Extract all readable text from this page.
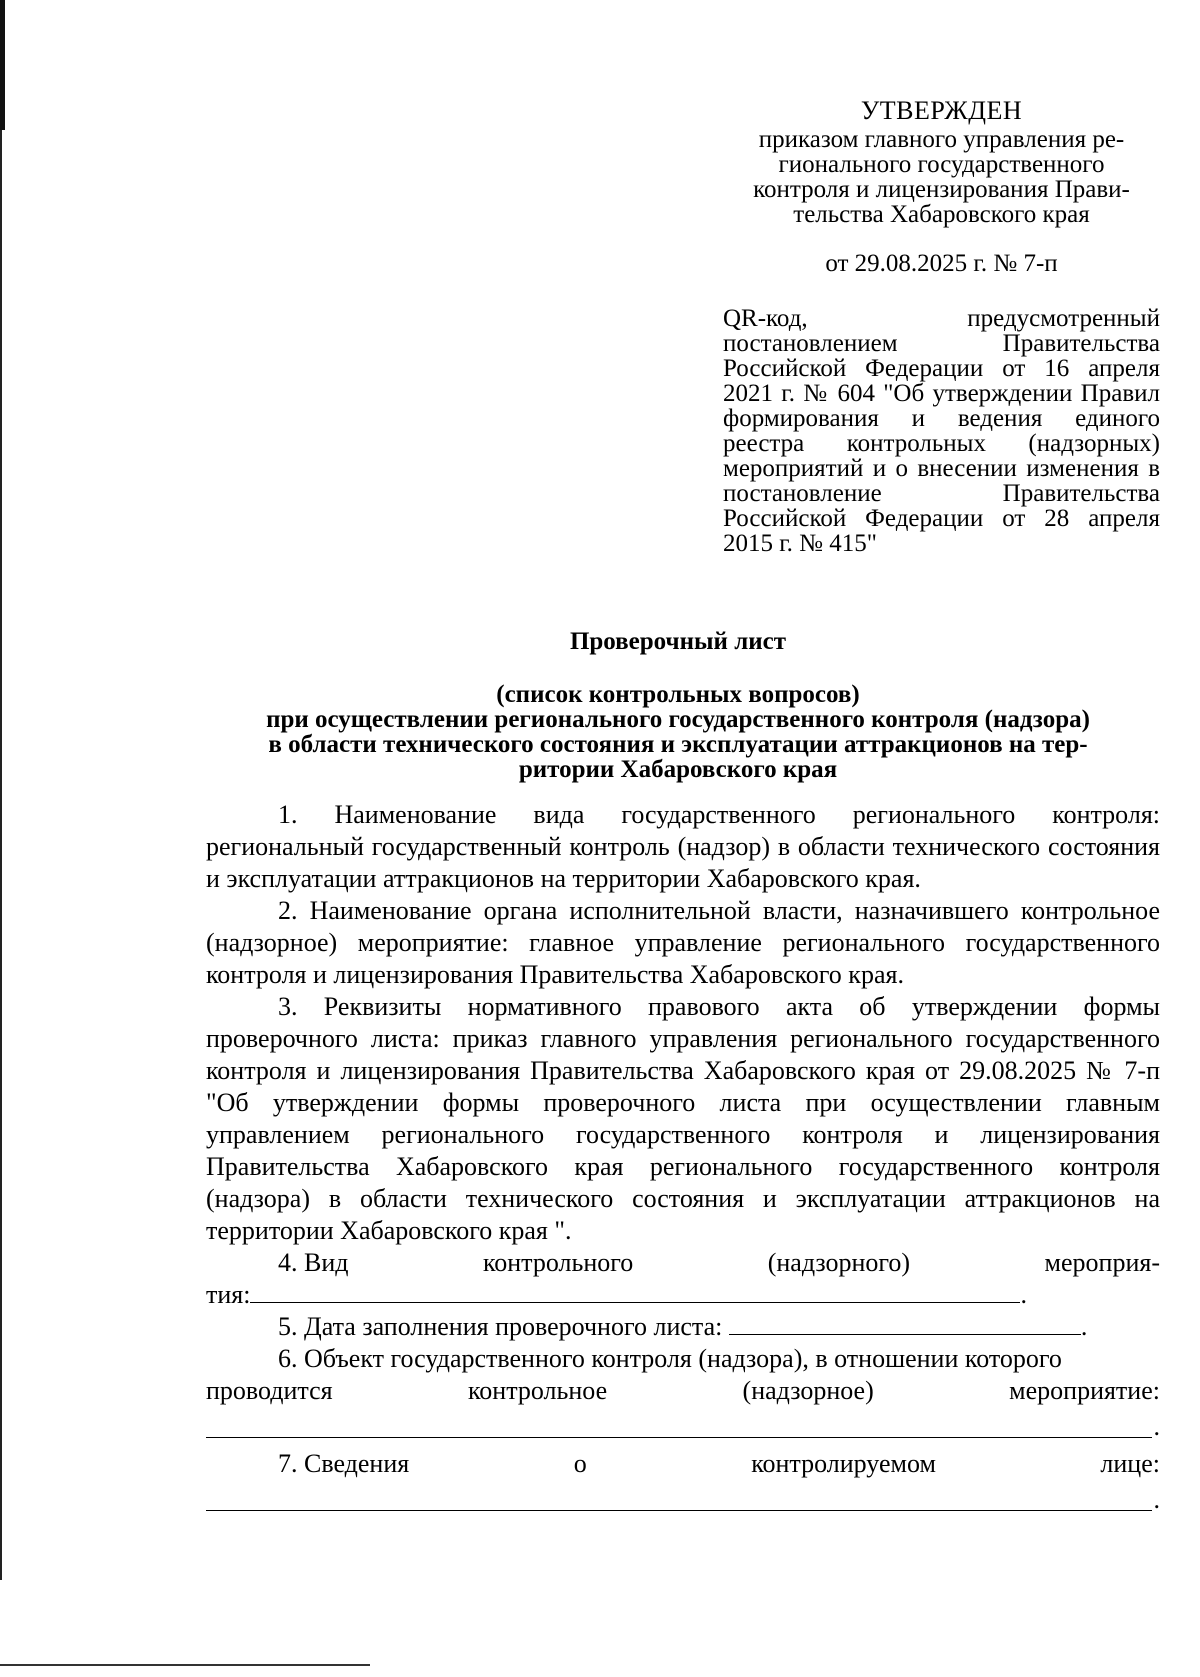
УТВЕРЖДЕН
приказом главного управления ре-
гионального государственного
контроля и лицензирования Прави-
тельства Хабаровского края
от 29.08.2025 г. № 7-п
QR-код, предусмотренный постановлением Правительства Российской Федерации от 16 апреля 2021 г. № 604 "Об утверждении Правил формирования и ведения единого реестра контрольных (надзорных) мероприятий и о внесении изменения в постановление Правительства Российской Федерации от 28 апреля 2015 г. № 415"
Проверочный лист
(список контрольных вопросов)
при осуществлении регионального государственного контроля (надзора)
в области технического состояния и эксплуатации аттракционов на тер-
ритории Хабаровского края

1. Наименование вида государственного регионального контроля: региональный государственный контроль (надзор) в области технического состояния и эксплуатации аттракционов на территории Хабаровского края.

2. Наименование органа исполнительной власти, назначившего контрольное (надзорное) мероприятие: главное управление регионального государственного контроля и лицензирования Правительства Хабаровского края.

3. Реквизиты нормативного правового акта об утверждении формы проверочного листа: приказ главного управления регионального государственного контроля и лицензирования Правительства Хабаровского края от 29.08.2025 № 7-п "Об утверждении формы проверочного листа при осуществлении главным управлением регионального государственного контроля и лицензирования Правительства Хабаровского края регионального государственного контроля (надзора) в области технического состояния и эксплуатации аттракционов на территории Хабаровского края ".

4. Вид	контрольного	(надзорного)	мероприя-
тия:	.
5. Дата заполнения проверочного листа:	.
6. Объект государственного контроля (надзора), в отношении которого
проводится	контрольное	(надзорное)	мероприятие:
.
7. Сведения	о	контролируемом	лице:
.
